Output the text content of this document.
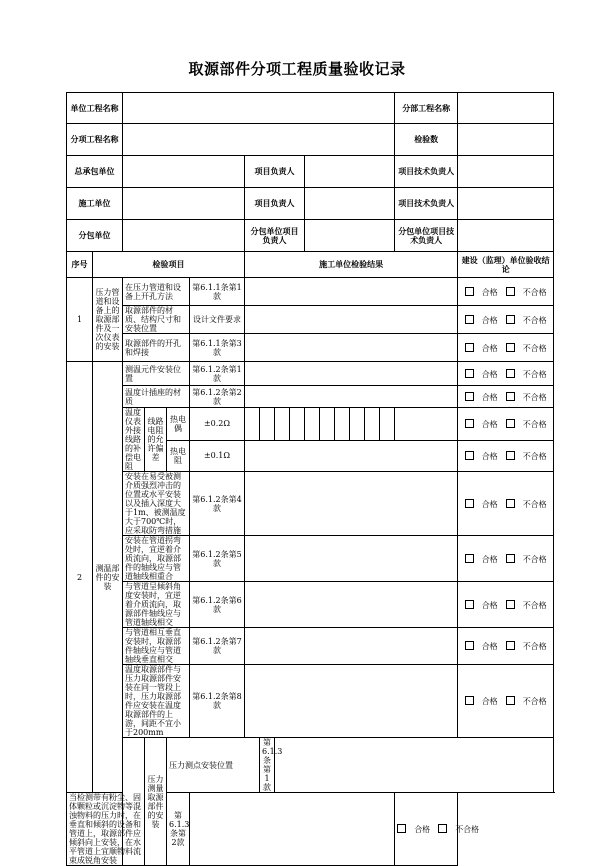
取源部件分项工程质量验收记录
单位工程名称																分部工程名称		
分项工程名称																检验数		
总承包单位						项目负责人										项目技术负责人		
施工单位						项目负责人										项目技术负责人		
分包单位						分包单位项目负责人										分包单位项目技术负责人		
序号	检验项目					施工单位检验结果											建设（监理）单位验收结论	
1	压力管道和设备上的取源部件及一次仪表的安装	在压力管道和设备上开孔方法			第6.1.1条第1款												合格 不合格	
		取源部件的材质、结构尺寸和安装位置			设计文件要求												合格 不合格	
		取源部件的开孔和焊接			第6.1.1条第3款												合格 不合格	
2	测温部件的安装	测温元件安装位置			第6.1.2条第1款												合格 不合格	
		温度计插座的材质			第6.1.2条第2款												合格 不合格	
		温度仪表外接线路的补偿电阻	线路电阻的允许偏差	热电偶	±0.2Ω												合格 不合格	
				热电阻	±0.1Ω												合格 不合格	
		安装在易受被测介质强烈冲击的位置或水平安装以及插入深度大于1m、被测温度大于700℃时，应采取防弯措施			第6.1.2条第4款												合格 不合格	
		安装在管道拐弯处时，宜逆着介质流向，取源部件的轴线应与管道轴线相重合			第6.1.2条第5款												合格 不合格	
		与管道呈倾斜角度安装时，宜逆着介质流向，取源部件轴线应与管道轴线相交			第6.1.2条第6款												合格 不合格	
		与管道相互垂直安装时，取源部件轴线应与管道轴线垂直相交			第6.1.2条第7款												合格 不合格	
		温度取源部件与压力取源部件安装在同一管段上时，压力取源部件应安装在温度取源部件的上游，间距不宜小于200mm			第6.1.2条第8款												合格 不合格	
			压力测量取源部件的安装	压力测点安装位置			第6.1.3条第1款		
当检测带有粉尘、固体颗粒或沉淀物等混浊物料的压力时，在垂直和倾斜的设备和管道上，取源部件应倾斜向上安装，在水平管道上宜顺物料流束成锐角安装				第6.1.3条第2款												合格 不合格		
